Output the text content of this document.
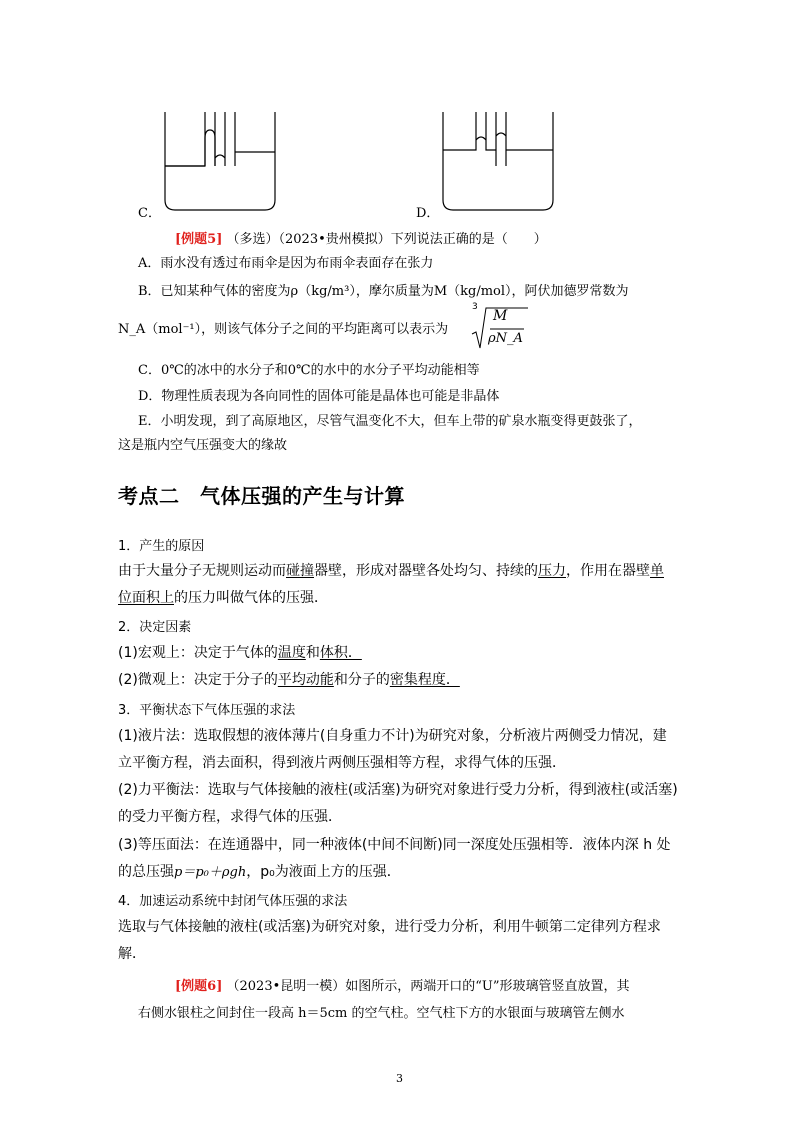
C．	D．
[例题5] （多选）（2023•贵州模拟）下列说法正确的是（　　）
A．雨水没有透过布雨伞是因为布雨伞表面存在张力
B．已知某种气体的密度为ρ（kg/m³），摩尔质量为M（kg/mol），阿伏加德罗常数为
N_A（mol⁻¹），则该气体分子之间的平均距离可以表示为
3
M
ρN_A
C．0℃的冰中的水分子和0℃的水中的水分子平均动能相等
D．物理性质表现为各向同性的固体可能是晶体也可能是非晶体
E．小明发现，到了高原地区，尽管气温变化不大，但车上带的矿泉水瓶变得更鼓张了，
这是瓶内空气压强变大的缘故
考点二　气体压强的产生与计算
1．产生的原因
由于大量分子无规则运动而碰撞器壁，形成对器壁各处均匀、持续的压力，作用在器壁单
位面积上的压力叫做气体的压强．
2．决定因素
(1)宏观上：决定于气体的温度和体积．
(2)微观上：决定于分子的平均动能和分子的密集程度．
3．平衡状态下气体压强的求法
(1)液片法：选取假想的液体薄片(自身重力不计)为研究对象，分析液片两侧受力情况，建
立平衡方程，消去面积，得到液片两侧压强相等方程，求得气体的压强．
(2)力平衡法：选取与气体接触的液柱(或活塞)为研究对象进行受力分析，得到液柱(或活塞)
的受力平衡方程，求得气体的压强．
(3)等压面法：在连通器中，同一种液体(中间不间断)同一深度处压强相等．液体内深 h 处
的总压强p＝p₀＋ρgh，p₀为液面上方的压强．
4．加速运动系统中封闭气体压强的求法
选取与气体接触的液柱(或活塞)为研究对象，进行受力分析，利用牛顿第二定律列方程求
解．
[例题6] （2023•昆明一模）如图所示，两端开口的“U”形玻璃管竖直放置，其
右侧水银柱之间封住一段高 h＝5cm 的空气柱。空气柱下方的水银面与玻璃管左侧水
3
